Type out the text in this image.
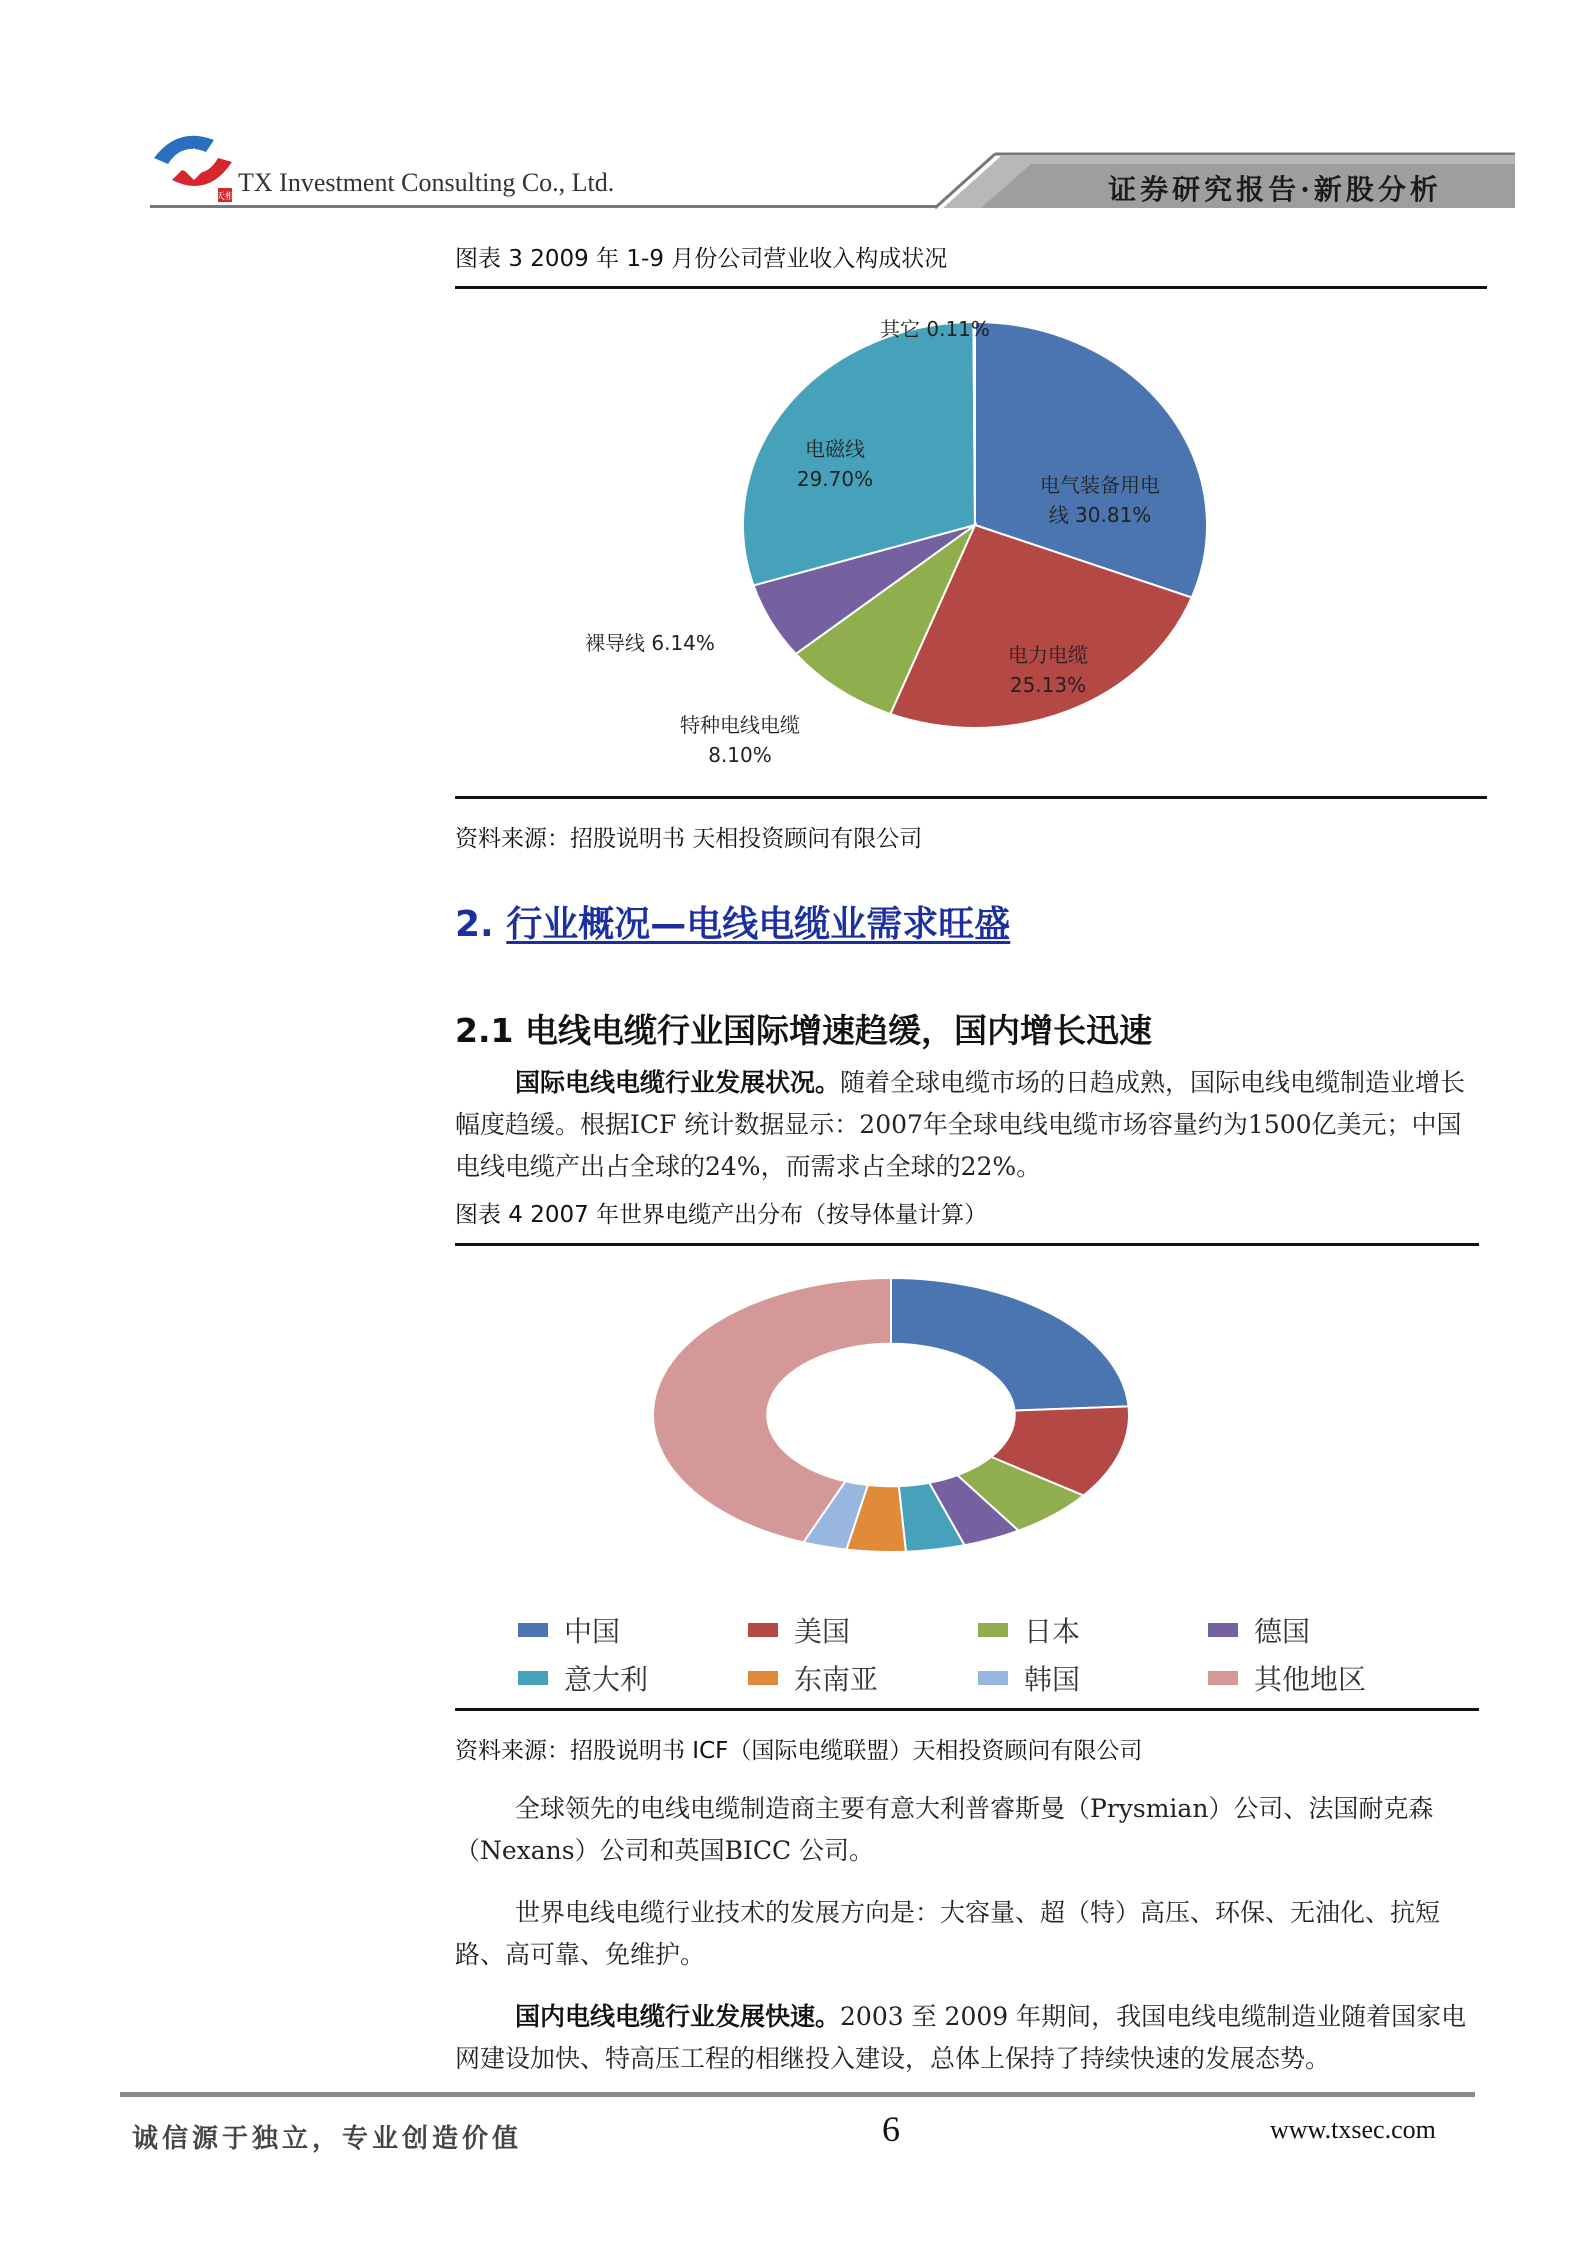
天相 TX Investment Consulting Co., Ltd.	证券研究报告·新股分析
图表 3 2009 年 1-9 月份公司营业收入构成状况
其它 0.11%
电气装备用电
线 30.81%
电力电缆
25.13%
特种电线电缆
8.10%
裸导线 6.14%
电磁线
29.70%
资料来源：招股说明书 天相投资顾问有限公司
2. 行业概况—电线电缆业需求旺盛
2.1 电线电缆行业国际增速趋缓，国内增长迅速
国际电线电缆行业发展状况。随着全球电缆市场的日趋成熟，国际电线电缆制造业增长幅度趋缓。根据ICF 统计数据显示：2007年全球电线电缆市场容量约为1500亿美元；中国电线电缆产出占全球的24%，而需求占全球的22%。
图表 4 2007 年世界电缆产出分布（按导体量计算）
中国	美国	日本	德国
意大利	东南亚	韩国	其他地区
资料来源：招股说明书 ICF（国际电缆联盟）天相投资顾问有限公司
全球领先的电线电缆制造商主要有意大利普睿斯曼（Prysmian）公司、法国耐克森（Nexans）公司和英国BICC 公司。
世界电线电缆行业技术的发展方向是：大容量、超（特）高压、环保、无油化、抗短路、高可靠、免维护。
国内电线电缆行业发展快速。2003 至 2009 年期间，我国电线电缆制造业随着国家电网建设加快、特高压工程的相继投入建设，总体上保持了持续快速的发展态势。
诚信源于独立，专业创造价值	6	www.txsec.com
